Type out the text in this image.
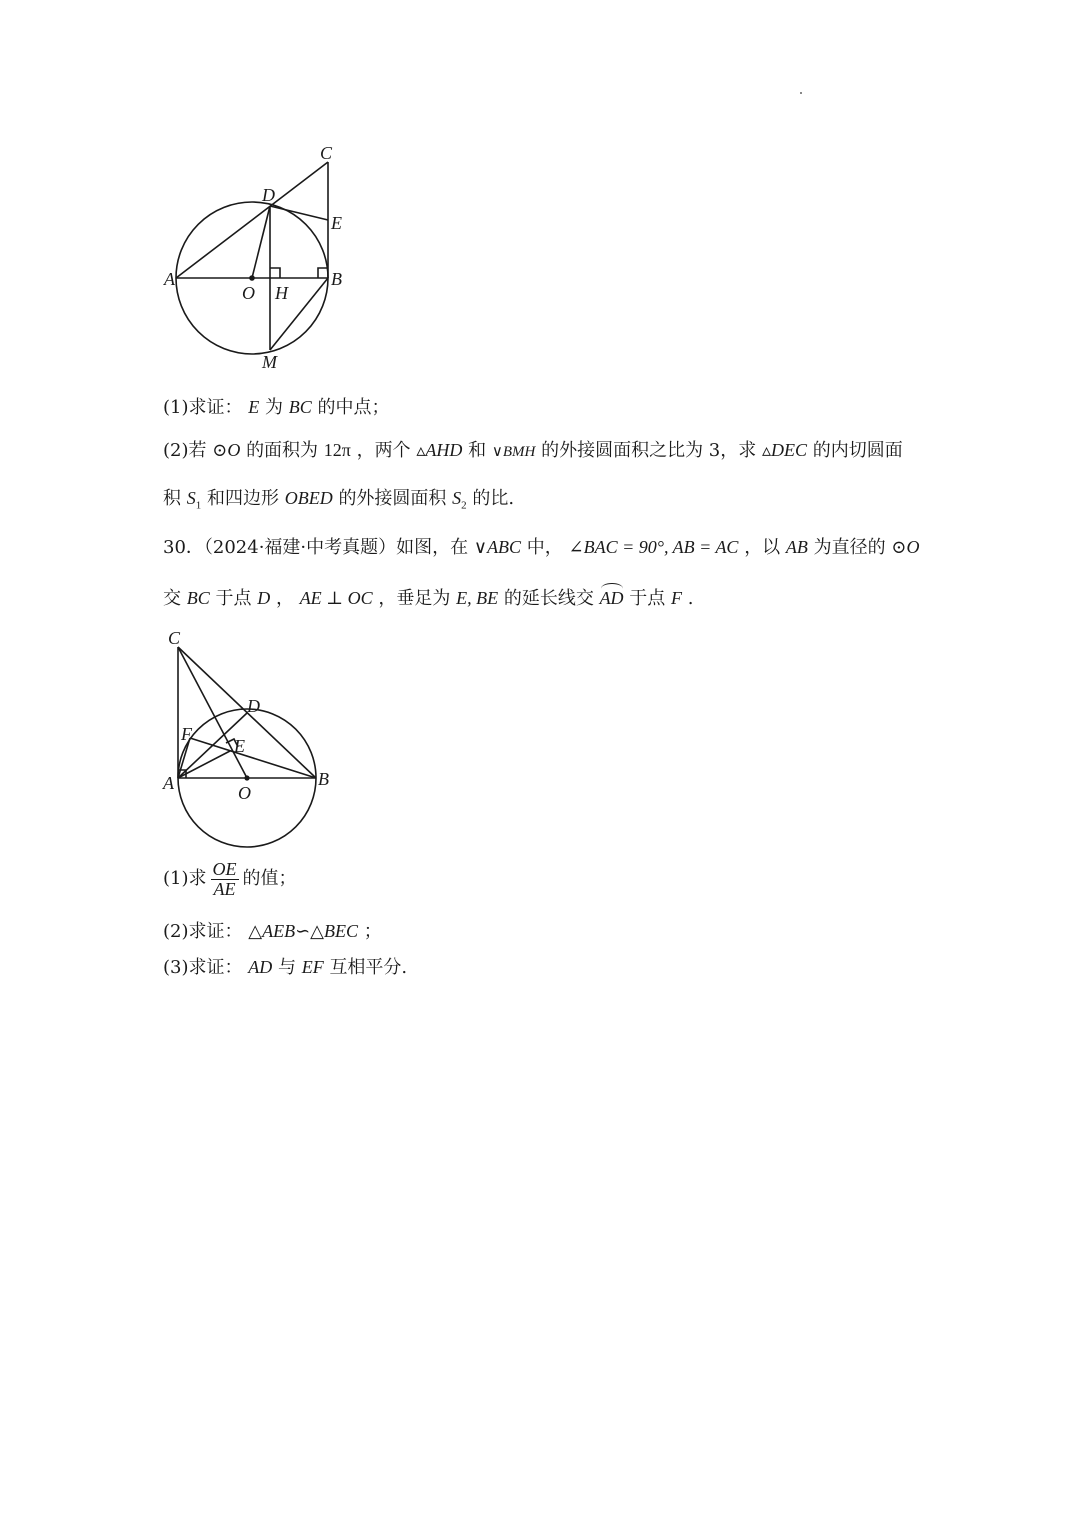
C
D
E
A	B
O H
M
(1)求证： E 为 BC 的中点；
(2)若 ⊙O 的面积为 12π ，两个 ▵AHD 和 ∨BMH 的外接圆面积之比为 3，求 ▵DEC 的内切圆面
积 $S_1$ 和四边形 OBED 的外接圆面积 $S_2$ 的比.
30．（2024·福建·中考真题）如图，在 ∨ABC 中， ∠BAC = 90°, AB = AC ，以 AB 为直径的 ⊙O
交 BC 于点 D ， AE ⊥ OC ，垂足为 E, BE 的延长线交 AD 于点 F .
C
D
F
E
A	O
B
(1)求 $\frac{OE}{AE}$ 的值；
(2)求证： △AEB∽△BEC ；
(3)求证： AD 与 EF 互相平分.
